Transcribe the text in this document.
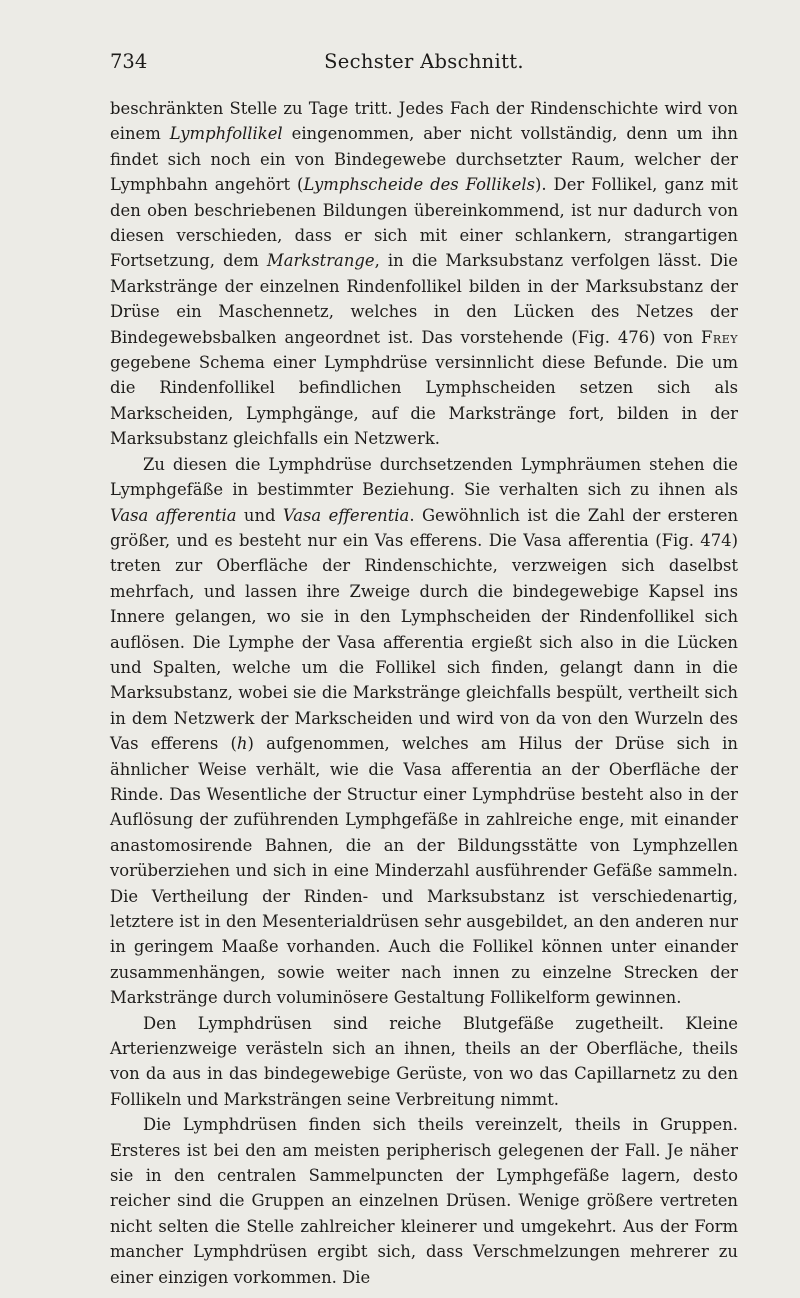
734	Sechster Abschnitt.

beschränkten Stelle zu Tage tritt. Jedes Fach der Rindenschichte wird von einem Lymphfollikel eingenommen, aber nicht vollständig, denn um ihn findet sich noch ein von Bindegewebe durchsetzter Raum, welcher der Lymphbahn angehört (Lymphscheide des Follikels). Der Follikel, ganz mit den oben beschriebenen Bildungen übereinkommend, ist nur dadurch von diesen verschieden, dass er sich mit einer schlankern, strangartigen Fortsetzung, dem Markstrange, in die Marksubstanz verfolgen lässt. Die Markstränge der einzelnen Rindenfollikel bilden in der Marksubstanz der Drüse ein Maschennetz, welches in den Lücken des Netzes der Bindegewebsbalken angeordnet ist. Das vorstehende (Fig. 476) von Frey gegebene Schema einer Lymphdrüse versinnlicht diese Befunde. Die um die Rindenfollikel befindlichen Lymphscheiden setzen sich als Markscheiden, Lymphgänge, auf die Markstränge fort, bilden in der Marksubstanz gleichfalls ein Netzwerk.

Zu diesen die Lymphdrüse durchsetzenden Lymphräumen stehen die Lymphgefäße in bestimmter Beziehung. Sie verhalten sich zu ihnen als Vasa afferentia und Vasa efferentia. Gewöhnlich ist die Zahl der ersteren größer, und es besteht nur ein Vas efferens. Die Vasa afferentia (Fig. 474) treten zur Oberfläche der Rindenschichte, verzweigen sich daselbst mehrfach, und lassen ihre Zweige durch die bindegewebige Kapsel ins Innere gelangen, wo sie in den Lymphscheiden der Rindenfollikel sich auflösen. Die Lymphe der Vasa afferentia ergießt sich also in die Lücken und Spalten, welche um die Follikel sich finden, gelangt dann in die Marksubstanz, wobei sie die Markstränge gleichfalls bespült, vertheilt sich in dem Netzwerk der Markscheiden und wird von da von den Wurzeln des Vas efferens (h) aufgenommen, welches am Hilus der Drüse sich in ähnlicher Weise verhält, wie die Vasa afferentia an der Oberfläche der Rinde. Das Wesentliche der Structur einer Lymphdrüse besteht also in der Auflösung der zuführenden Lymphgefäße in zahlreiche enge, mit einander anastomosirende Bahnen, die an der Bildungsstätte von Lymphzellen vorüberziehen und sich in eine Minderzahl ausführender Gefäße sammeln. Die Vertheilung der Rinden- und Marksubstanz ist verschiedenartig, letztere ist in den Mesenterialdrüsen sehr ausgebildet, an den anderen nur in geringem Maaße vorhanden. Auch die Follikel können unter einander zusammenhängen, sowie weiter nach innen zu einzelne Strecken der Markstränge durch voluminösere Gestaltung Follikelform gewinnen.

Den Lymphdrüsen sind reiche Blutgefäße zugetheilt. Kleine Arterienzweige verästeln sich an ihnen, theils an der Oberfläche, theils von da aus in das bindegewebige Gerüste, von wo das Capillarnetz zu den Follikeln und Marksträngen seine Verbreitung nimmt.

Die Lymphdrüsen finden sich theils vereinzelt, theils in Gruppen. Ersteres ist bei den am meisten peripherisch gelegenen der Fall. Je näher sie in den centralen Sammelpuncten der Lymphgefäße lagern, desto reicher sind die Gruppen an einzelnen Drüsen. Wenige größere vertreten nicht selten die Stelle zahlreicher kleinerer und umgekehrt. Aus der Form mancher Lymphdrüsen ergibt sich, dass Verschmelzungen mehrerer zu einer einzigen vorkommen. Die
